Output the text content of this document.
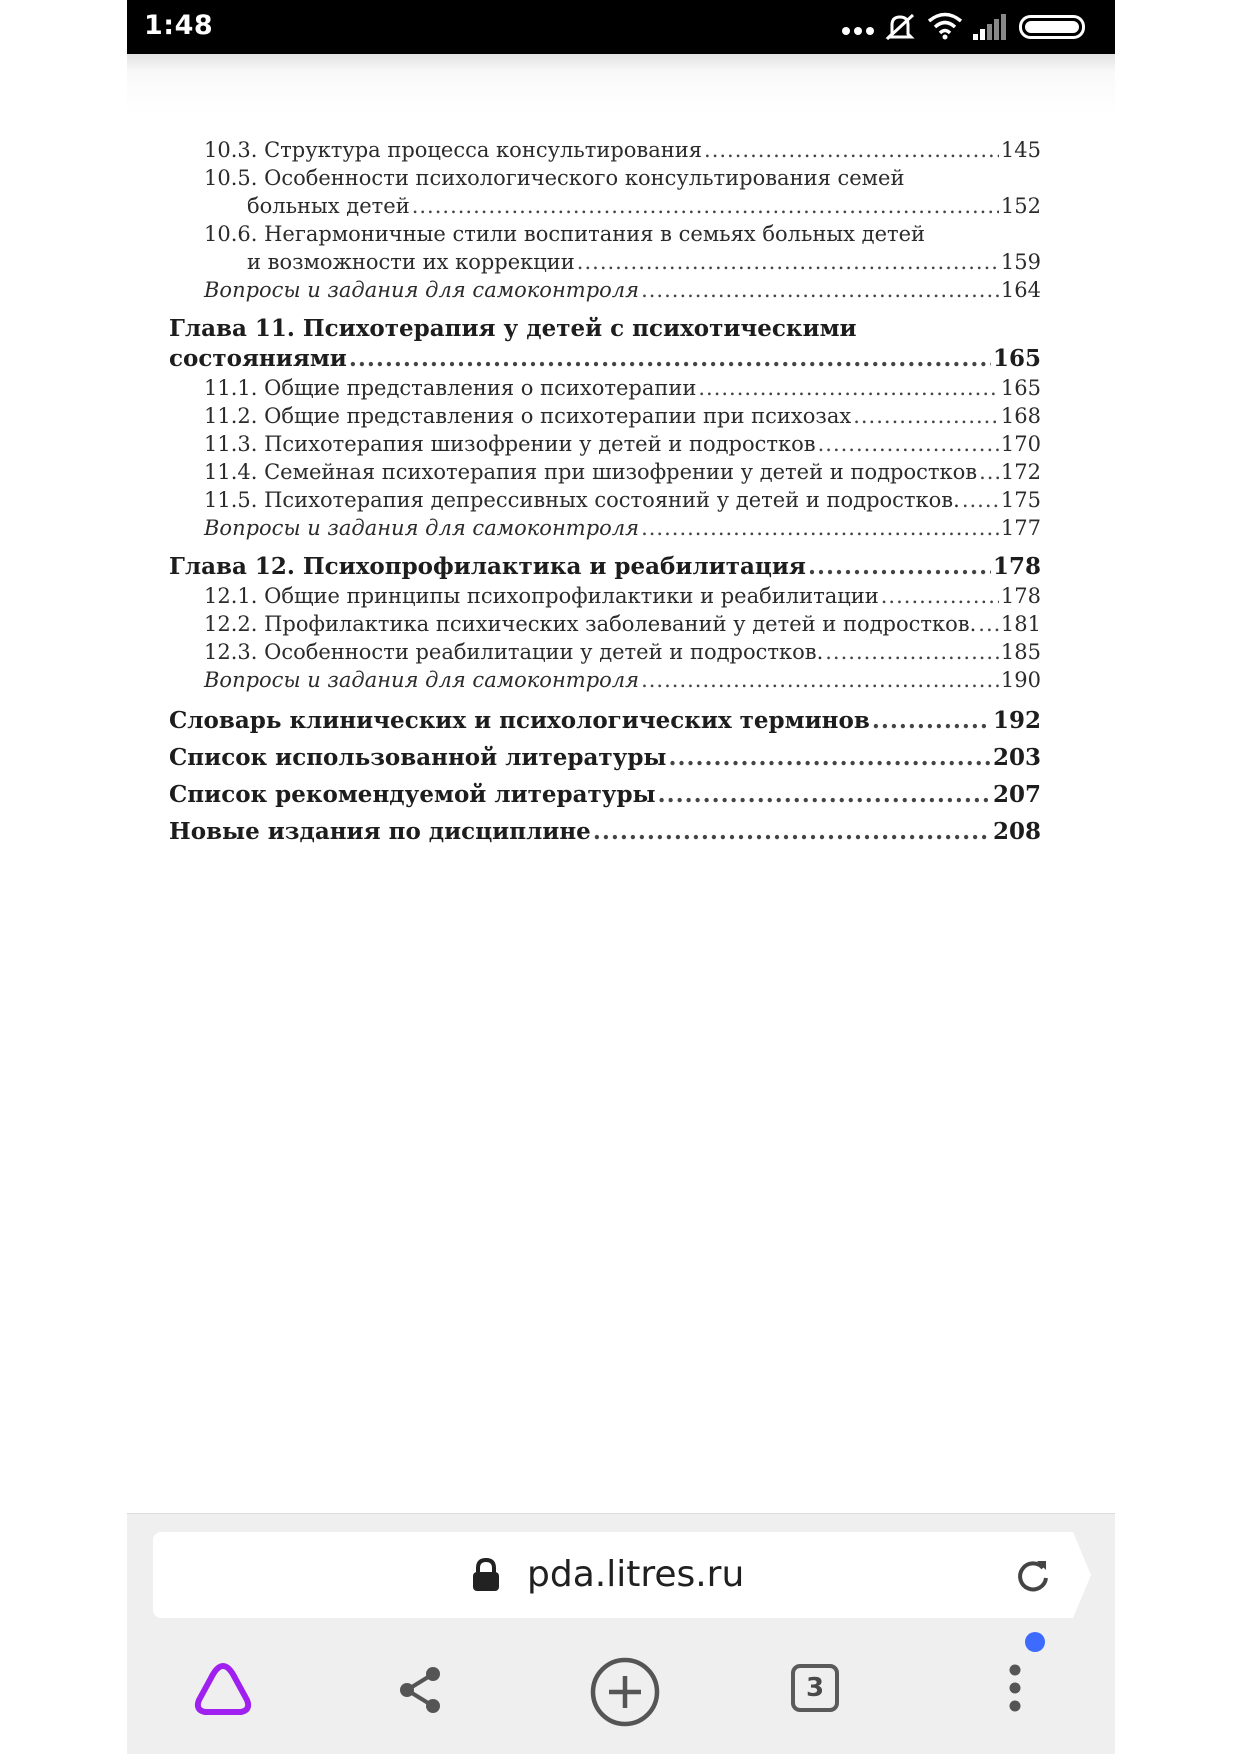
1:48
10.3. Структура процесса консультирования .....	145
10.5. Особенности психологического консультирования семей
больных детей .....	152
10.6. Негармоничные стили воспитания в семьях больных детей
и возможности их коррекции .....	159
Вопросы и задания для самоконтроля .....	164
Глава 11. Психотерапия у детей с психотическими
состояниями .....	165
11.1. Общие представления о психотерапии .....	165
11.2. Общие представления о психотерапии при психозах .....	168
11.3. Психотерапия шизофрении у детей и подростков .....	170
11.4. Семейная психотерапия при шизофрении у детей и подростков ..... 172
11.5. Психотерапия депрессивных состояний у детей и подростков. ..... 175
Вопросы и задания для самоконтроля .....	177
Глава 12. Психопрофилактика и реабилитация .....	178
12.1. Общие принципы психопрофилактики и реабилитации .....	178
12.2. Профилактика психических заболеваний у детей и подростков. ..... 181
12.3. Особенности реабилитации у детей и подростков. .....	185
Вопросы и задания для самоконтроля .....	190
Словарь клинических и психологических терминов .....	192
Список использованной литературы .....	203
Список рекомендуемой литературы .....	207
Новые издания по дисциплине .....	208
pda.litres.ru
3
